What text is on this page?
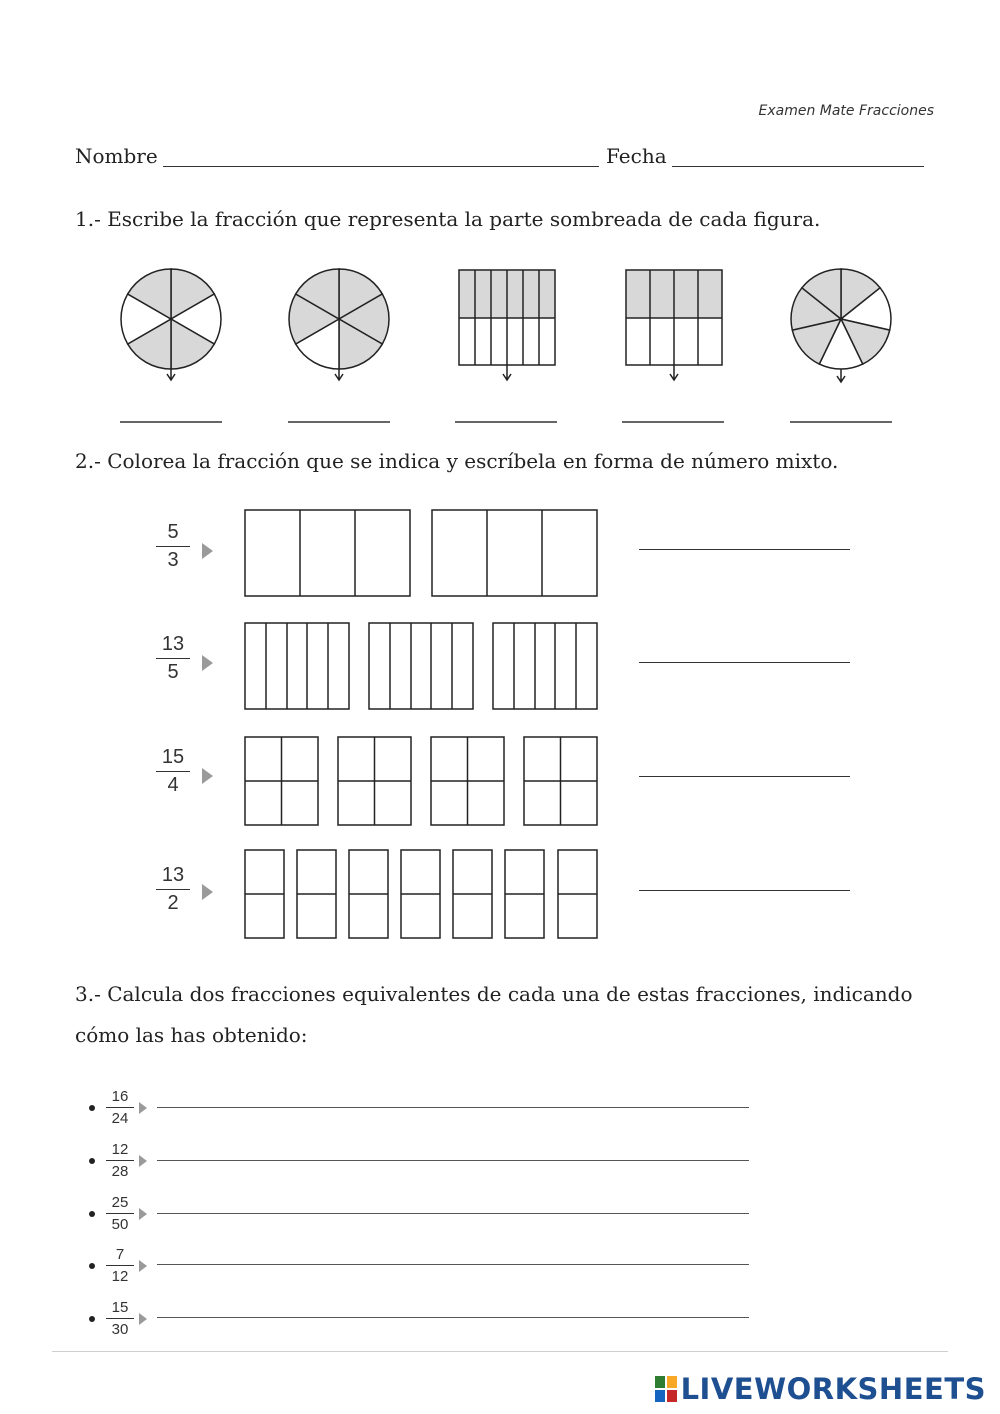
Examen Mate Fracciones
Nombre	Fecha
1.- Escribe la fracción que representa la parte sombreada de cada figura.
2.- Colorea la fracción que se indica y escríbela en forma de número mixto.
5
3
13
5
15
4
13
2
3.- Calcula dos fracciones equivalentes de cada una de estas fracciones, indicando
cómo las has obtenido:
16
24
12
28
25
50
7
12
15
30
LIVEWORKSHEETS
